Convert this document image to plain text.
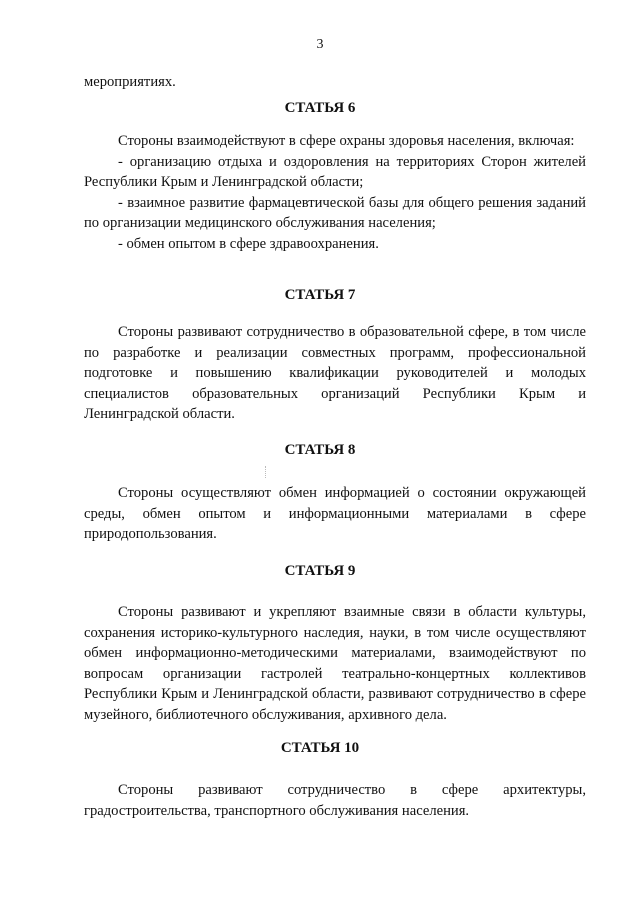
3

мероприятиях.

СТАТЬЯ 6

Стороны взаимодействуют в сфере охраны здоровья населения, включая:

- организацию отдыха и оздоровления на территориях Сторон жителей Республики Крым и Ленинградской области;

- взаимное развитие фармацевтической базы для общего решения заданий по организации медицинского обслуживания населения;

- обмен опытом в сфере здравоохранения.

СТАТЬЯ 7

Стороны развивают сотрудничество в образовательной сфере, в том числе по разработке и реализации совместных программ, профессиональной подготовке и повышению квалификации руководителей и молодых специалистов образовательных организаций Республики Крым и Ленинградской области.

СТАТЬЯ 8

Стороны осуществляют обмен информацией о состоянии окружающей среды, обмен опытом и информационными материалами в сфере природопользования.

СТАТЬЯ 9

Стороны развивают и укрепляют взаимные связи в области культуры, сохранения историко-культурного наследия, науки, в том числе осуществляют обмен информационно-методическими материалами, взаимодействуют по вопросам организации гастролей театрально-концертных коллективов Республики Крым и Ленинградской области, развивают сотрудничество в сфере музейного, библиотечного обслуживания, архивного дела.

СТАТЬЯ 10

Стороны развивают сотрудничество в сфере архитектуры, градостроительства, транспортного обслуживания населения.
